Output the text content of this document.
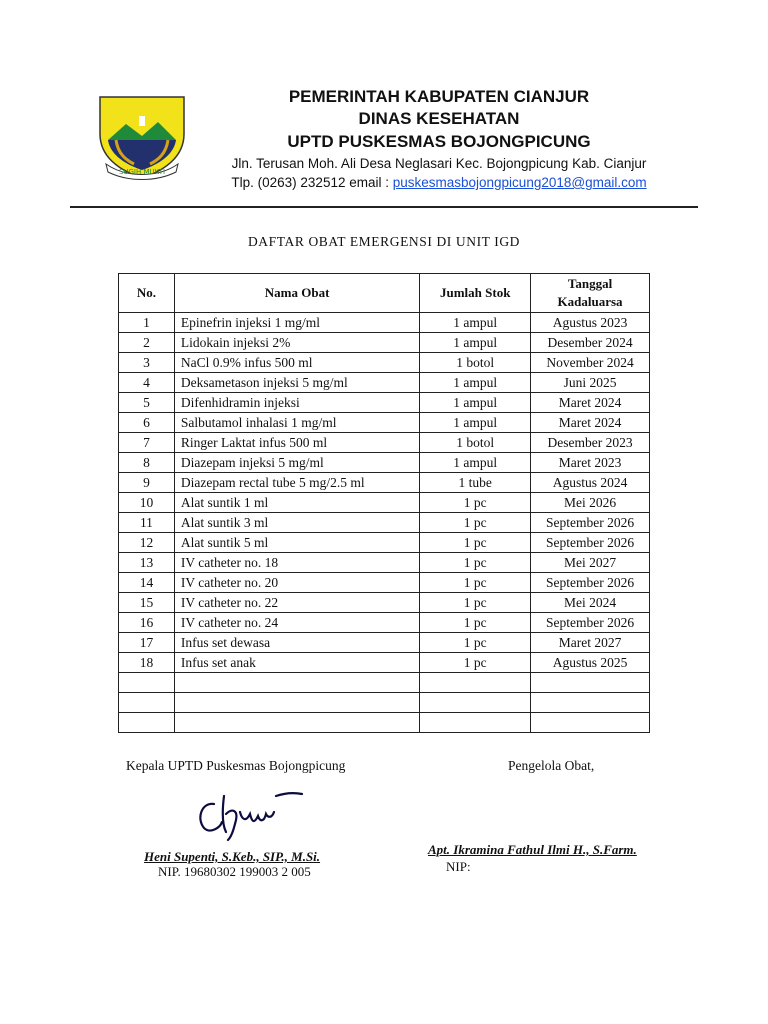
SUGIH MUKTI
PEMERINTAH KABUPATEN CIANJUR
DINAS KESEHATAN
UPTD PUSKESMAS BOJONGPICUNG
Jln. Terusan Moh. Ali Desa Neglasari Kec. Bojongpicung Kab. Cianjur
Tlp. (0263) 232512 email : puskesmasbojongpicung2018@gmail.com
DAFTAR OBAT EMERGENSI DI UNIT IGD
No.	Nama Obat	Jumlah Stok	Tanggal Kadaluarsa
1	Epinefrin injeksi 1 mg/ml	1 ampul	Agustus 2023
2	Lidokain injeksi 2%	1 ampul	Desember 2024
3	NaCl 0.9% infus 500 ml	1 botol	November 2024
4	Deksametason injeksi 5 mg/ml	1 ampul	Juni 2025
5	Difenhidramin injeksi	1 ampul	Maret 2024
6	Salbutamol inhalasi 1 mg/ml	1 ampul	Maret 2024
7	Ringer Laktat infus 500 ml	1 botol	Desember 2023
8	Diazepam injeksi 5 mg/ml	1 ampul	Maret 2023
9	Diazepam rectal tube 5 mg/2.5 ml	1 tube	Agustus 2024
10	Alat suntik 1 ml	1 pc	Mei 2026
11	Alat suntik 3 ml	1 pc	September 2026
12	Alat suntik 5 ml	1 pc	September 2026
13	IV catheter no. 18	1 pc	Mei 2027
14	IV catheter no. 20	1 pc	September 2026
15	IV catheter no. 22	1 pc	Mei 2024
16	IV catheter no. 24	1 pc	September 2026
17	Infus set dewasa	1 pc	Maret 2027
18	Infus set anak	1 pc	Agustus 2025

Kepala UPTD Puskesmas Bojongpicung	Pengelola Obat,
Heni Supenti, S.Keb., SIP., M.Si.
NIP. 19680302 199003 2 005
Apt. Ikramina Fathul Ilmi H., S.Farm.
NIP:
